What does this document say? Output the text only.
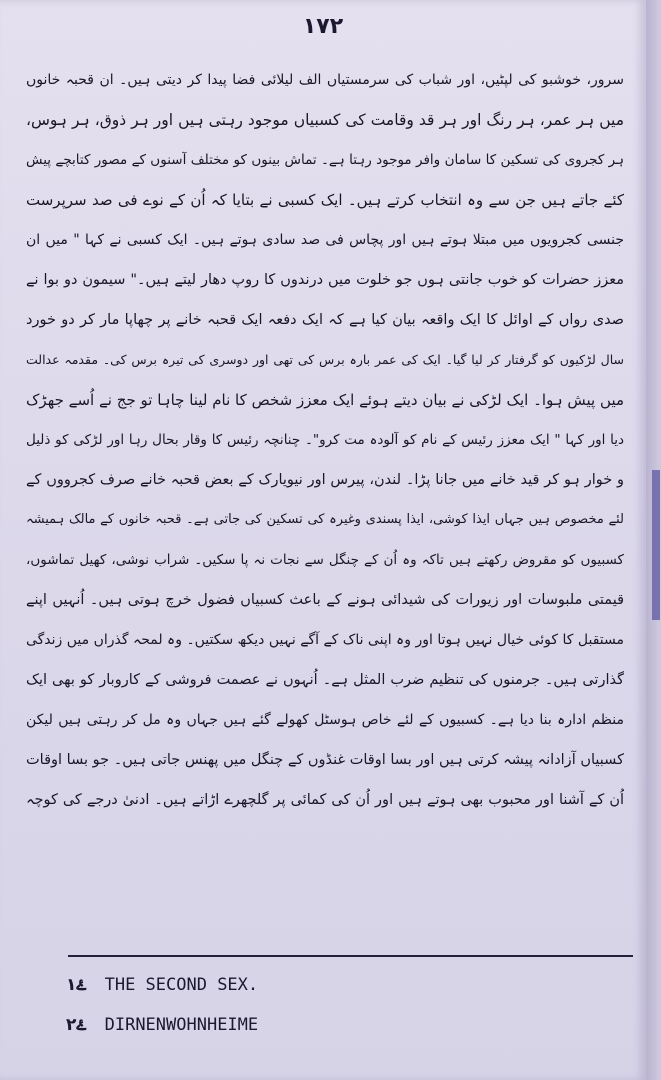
۱۷۲
سرور، خوشبو کی لپٹیں، اور شباب کی سرمستیاں الف لیلائی فضا پیدا کر دیتی ہیں۔ ان قحبہ خانوں
میں ہر عمر، ہر رنگ اور ہر قد وقامت کی کسبیاں موجود رہتی ہیں اور ہر ذوق، ہر ہوس،
ہر کجروی کی تسکین کا سامان وافر موجود رہتا ہے۔ تماش بینوں کو مختلف آسنوں کے مصور کتابچے پیش
کئے جاتے ہیں جن سے وہ انتخاب کرتے ہیں۔ ایک کسبی نے بتایا کہ اُن کے نوے فی صد سرپرست
جنسی کجرویوں میں مبتلا ہوتے ہیں اور پچاس فی صد سادی ہوتے ہیں۔ ایک کسبی نے کہا " میں ان
معزز حضرات کو خوب جانتی ہوں جو خلوت میں درندوں کا روپ دھار لیتے ہیں۔" سیمون دو بوا نے
صدی رواں کے اوائل کا ایک واقعہ بیان کیا ہے کہ ایک دفعہ ایک قحبہ خانے پر چھاپا مار کر دو خورد
سال لڑکیوں کو گرفتار کر لیا گیا۔ ایک کی عمر بارہ برس کی تھی اور دوسری کی تیرہ برس کی۔ مقدمہ عدالت
میں پیش ہوا۔ ایک لڑکی نے بیان دیتے ہوئے ایک معزز شخص کا نام لینا چاہا تو جج نے اُسے جھڑک
دیا اور کہا " ایک معزز رئیس کے نام کو آلودہ مت کرو"۔ چنانچہ رئیس کا وقار بحال رہا اور لڑکی کو ذلیل
و خوار ہو کر قید خانے میں جانا پڑا۔ لندن، پیرس اور نیویارک کے بعض قحبہ خانے صرف کجرووں کے
لئے مخصوص ہیں جہاں ایذا کوشی، ایذا پسندی وغیرہ کی تسکین کی جاتی ہے۔ قحبہ خانوں کے مالک ہمیشہ
کسبیوں کو مقروض رکھتے ہیں تاکہ وہ اُن کے چنگل سے نجات نہ پا سکیں۔ شراب نوشی، کھیل تماشوں،
قیمتی ملبوسات اور زیورات کی شیدائی ہونے کے باعث کسبیاں فضول خرچ ہوتی ہیں۔ اُنہیں اپنے
مستقبل کا کوئی خیال نہیں ہوتا اور وہ اپنی ناک کے آگے نہیں دیکھ سکتیں۔ وہ لمحہ گذراں میں زندگی
گذارتی ہیں۔ جرمنوں کی تنظیم ضرب المثل ہے۔ اُنہوں نے عصمت فروشی کے کاروبار کو بھی ایک
منظم ادارہ بنا دیا ہے۔ کسبیوں کے لئے خاص ہوسٹل کھولے گئے ہیں جہاں وہ مل کر رہتی ہیں لیکن
کسبیاں آزادانہ پیشہ کرتی ہیں اور بسا اوقات غنڈوں کے چنگل میں پھنس جاتی ہیں۔ جو بسا اوقات
اُن کے آشنا اور محبوب بھی ہوتے ہیں اور اُن کی کمائی پر گلچھرے اڑاتے ہیں۔ ادنیٰ درجے کی کوچہ
۱ۓ THE SECOND SEX.
۲ۓ DIRNENWOHNHEIME
